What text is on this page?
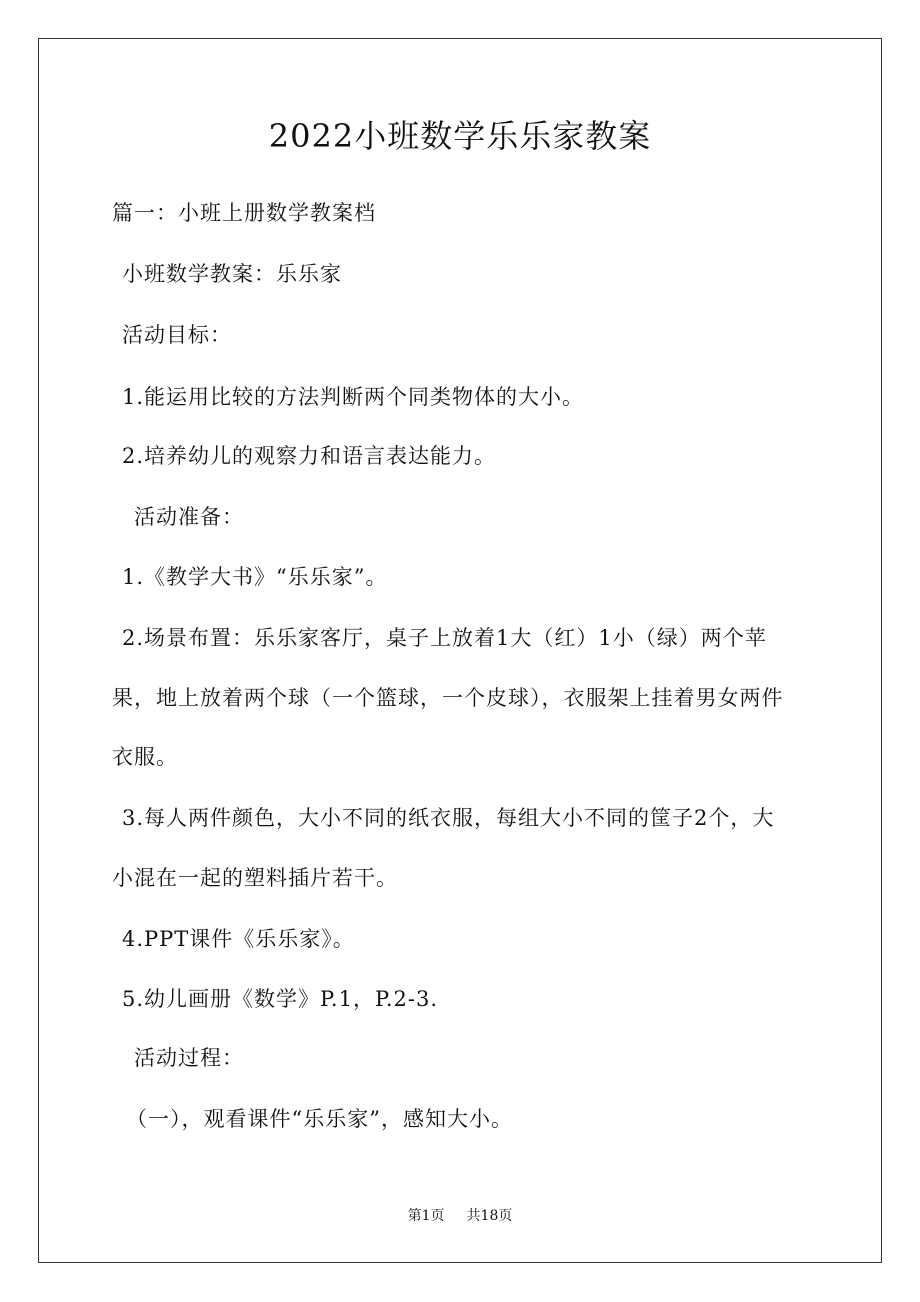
2022小班数学乐乐家教案
篇一：小班上册数学教案档
小班数学教案：乐乐家
活动目标：
1.能运用比较的方法判断两个同类物体的大小。
2.培养幼儿的观察力和语言表达能力。
活动准备：
1.《教学大书》“乐乐家”。
2.场景布置：乐乐家客厅，桌子上放着1大（红）1小（绿）两个苹
果，地上放着两个球（一个篮球，一个皮球），衣服架上挂着男女两件
衣服。
3.每人两件颜色，大小不同的纸衣服，每组大小不同的筐子2个，大
小混在一起的塑料插片若干。
4.PPT课件《乐乐家》。
5.幼儿画册《数学》P.1，P.2-3.
活动过程：
（一），观看课件“乐乐家”，感知大小。
第1页 共18页
